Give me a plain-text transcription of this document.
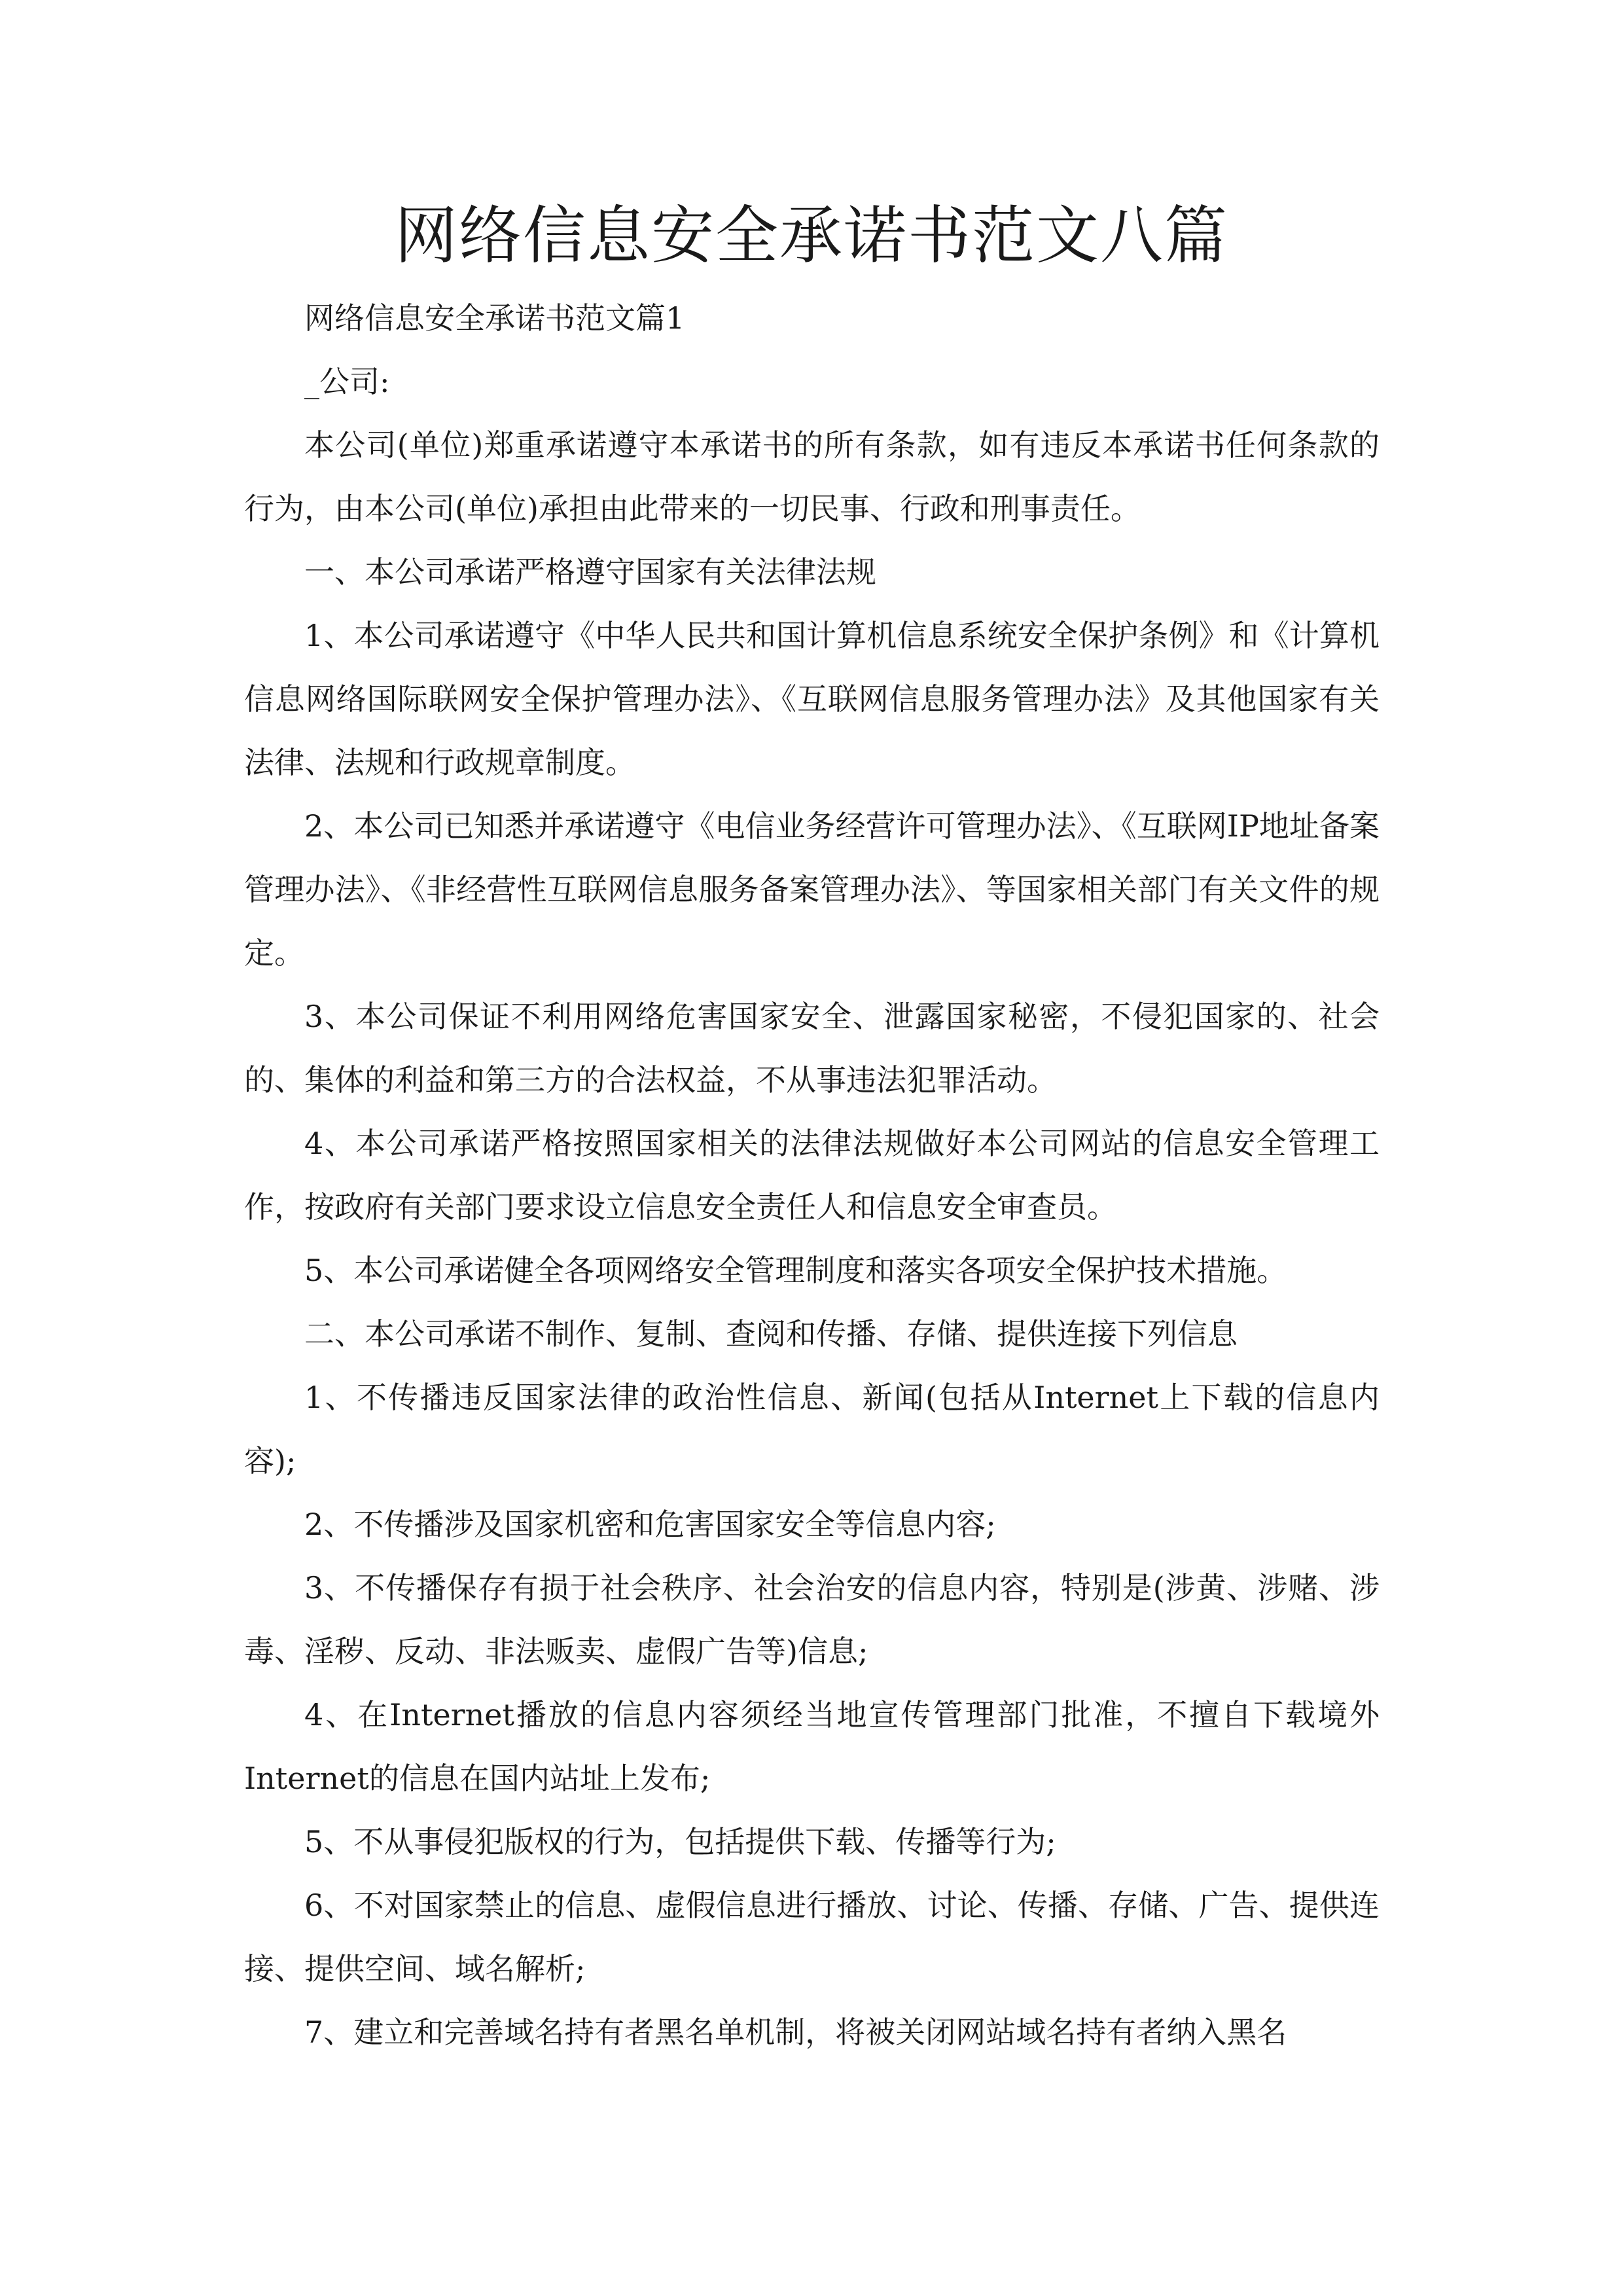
网络信息安全承诺书范文八篇

网络信息安全承诺书范文篇1

_公司:

本公司(单位)郑重承诺遵守本承诺书的所有条款，如有违反本承诺书任何条款的行为，由本公司(单位)承担由此带来的一切民事、行政和刑事责任。

一、本公司承诺严格遵守国家有关法律法规

1、本公司承诺遵守《中华人民共和国计算机信息系统安全保护条例》和《计算机信息网络国际联网安全保护管理办法》、《互联网信息服务管理办法》及其他国家有关法律、法规和行政规章制度。

2、本公司已知悉并承诺遵守《电信业务经营许可管理办法》、《互联网IP地址备案管理办法》、《非经营性互联网信息服务备案管理办法》、等国家相关部门有关文件的规定。

3、本公司保证不利用网络危害国家安全、泄露国家秘密，不侵犯国家的、社会的、集体的利益和第三方的合法权益，不从事违法犯罪活动。

4、本公司承诺严格按照国家相关的法律法规做好本公司网站的信息安全管理工作，按政府有关部门要求设立信息安全责任人和信息安全审查员。

5、本公司承诺健全各项网络安全管理制度和落实各项安全保护技术措施。

二、本公司承诺不制作、复制、查阅和传播、存储、提供连接下列信息

1、不传播违反国家法律的政治性信息、新闻(包括从Internet上下载的信息内容);

2、不传播涉及国家机密和危害国家安全等信息内容;

3、不传播保存有损于社会秩序、社会治安的信息内容，特别是(涉黄、涉赌、涉毒、淫秽、反动、非法贩卖、虚假广告等)信息;

4、在Internet播放的信息内容须经当地宣传管理部门批准，不擅自下载境外Internet的信息在国内站址上发布;

5、不从事侵犯版权的行为，包括提供下载、传播等行为;

6、不对国家禁止的信息、虚假信息进行播放、讨论、传播、存储、广告、提供连接、提供空间、域名解析;

7、建立和完善域名持有者黑名单机制，将被关闭网站域名持有者纳入黑名
